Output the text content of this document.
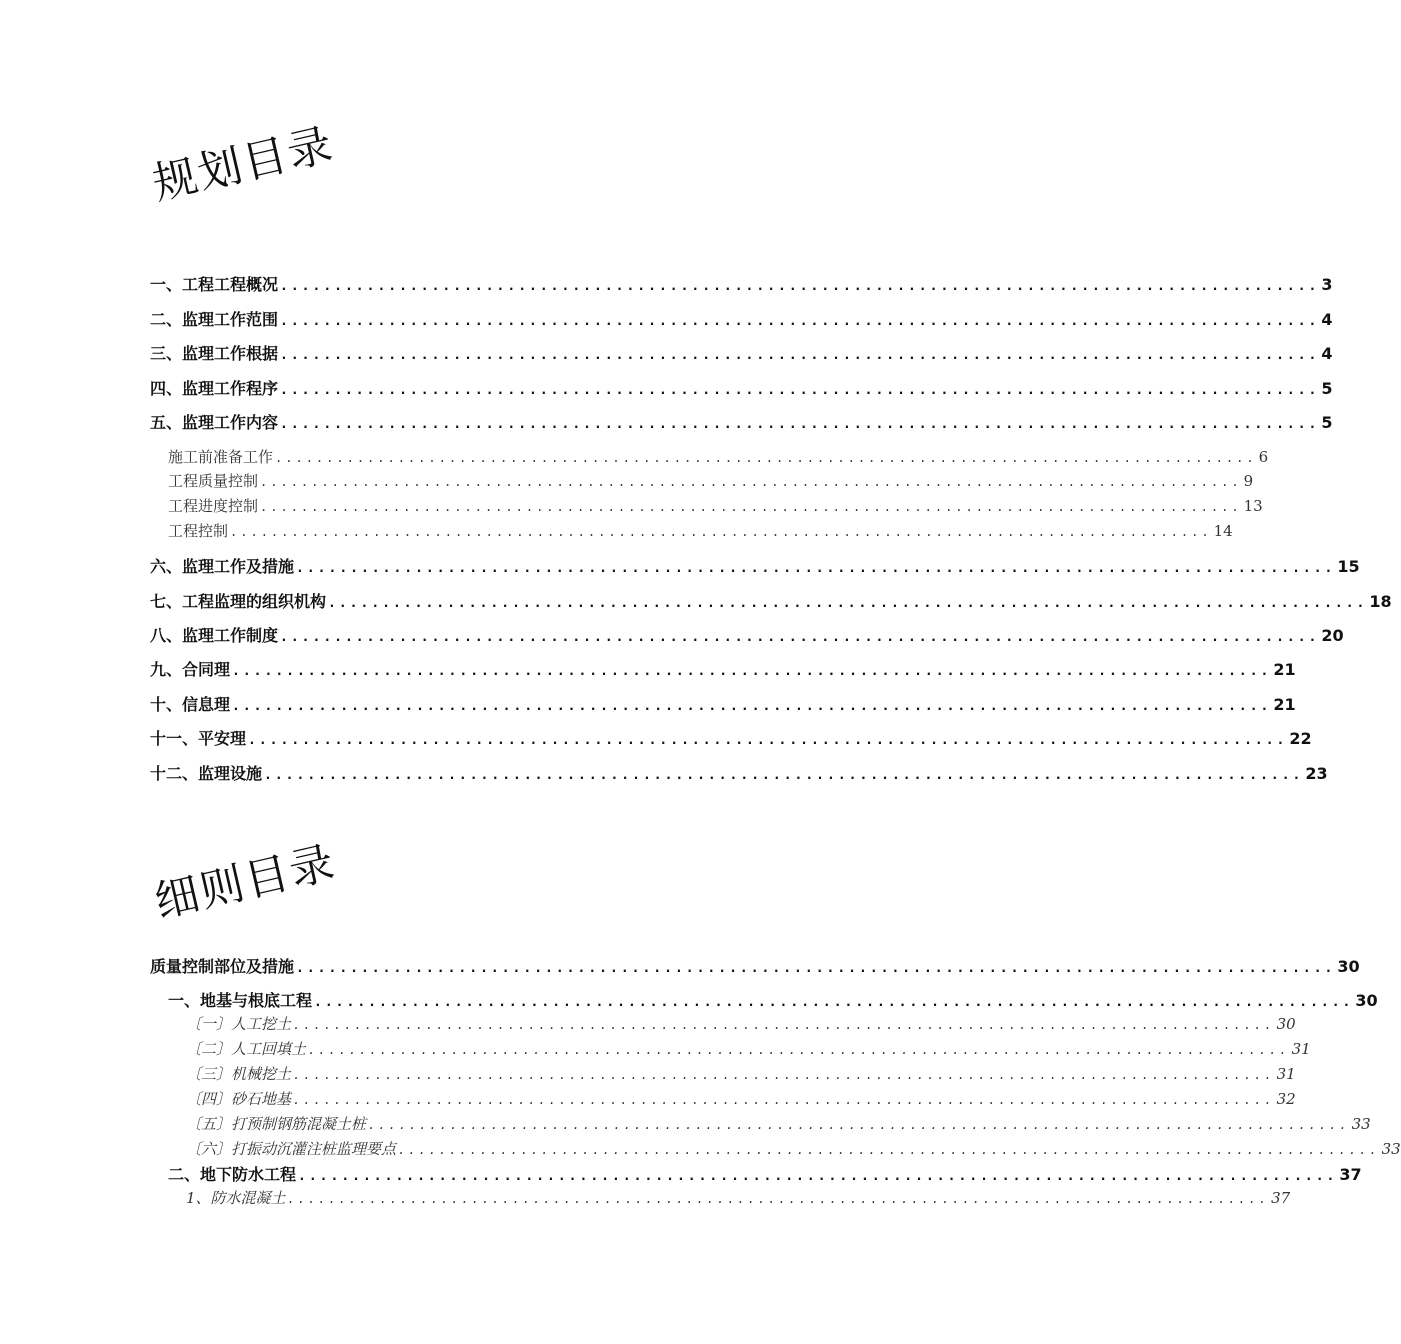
规划目录
一、工程工程概况 ................................................................................................ 3
二、监理工作范围 ................................................................................................ 4
三、监理工作根据 ................................................................................................ 4
四、监理工作程序 ................................................................................................ 5
五、监理工作内容 ................................................................................................ 5
施工前准备工作 ................................................................................................ 6
工程质量控制 ................................................................................................ 9
工程进度控制 ................................................................................................ 13
工程控制 ................................................................................................ 14
六、监理工作及措施 ................................................................................................ 15
七、工程监理的组织机构 ................................................................................................ 18
八、监理工作制度 ................................................................................................ 20
九、合同理 ................................................................................................ 21
十、信息理 ................................................................................................ 21
十一、平安理 ................................................................................................ 22
十二、监理设施 ................................................................................................ 23
细则目录
质量控制部位及措施 ................................................................................................ 30
一、地基与根底工程 ................................................................................................ 30
〔一〕人工挖土 ................................................................................................ 30
〔二〕人工回填土 ................................................................................................ 31
〔三〕机械挖土 ................................................................................................ 31
〔四〕砂石地基 ................................................................................................ 32
〔五〕打预制钢筋混凝土桩 ................................................................................................ 33
〔六〕打振动沉灌注桩监理要点 ................................................................................................ 33
二、地下防水工程 ................................................................................................ 37
1、防水混凝土 ................................................................................................ 37
